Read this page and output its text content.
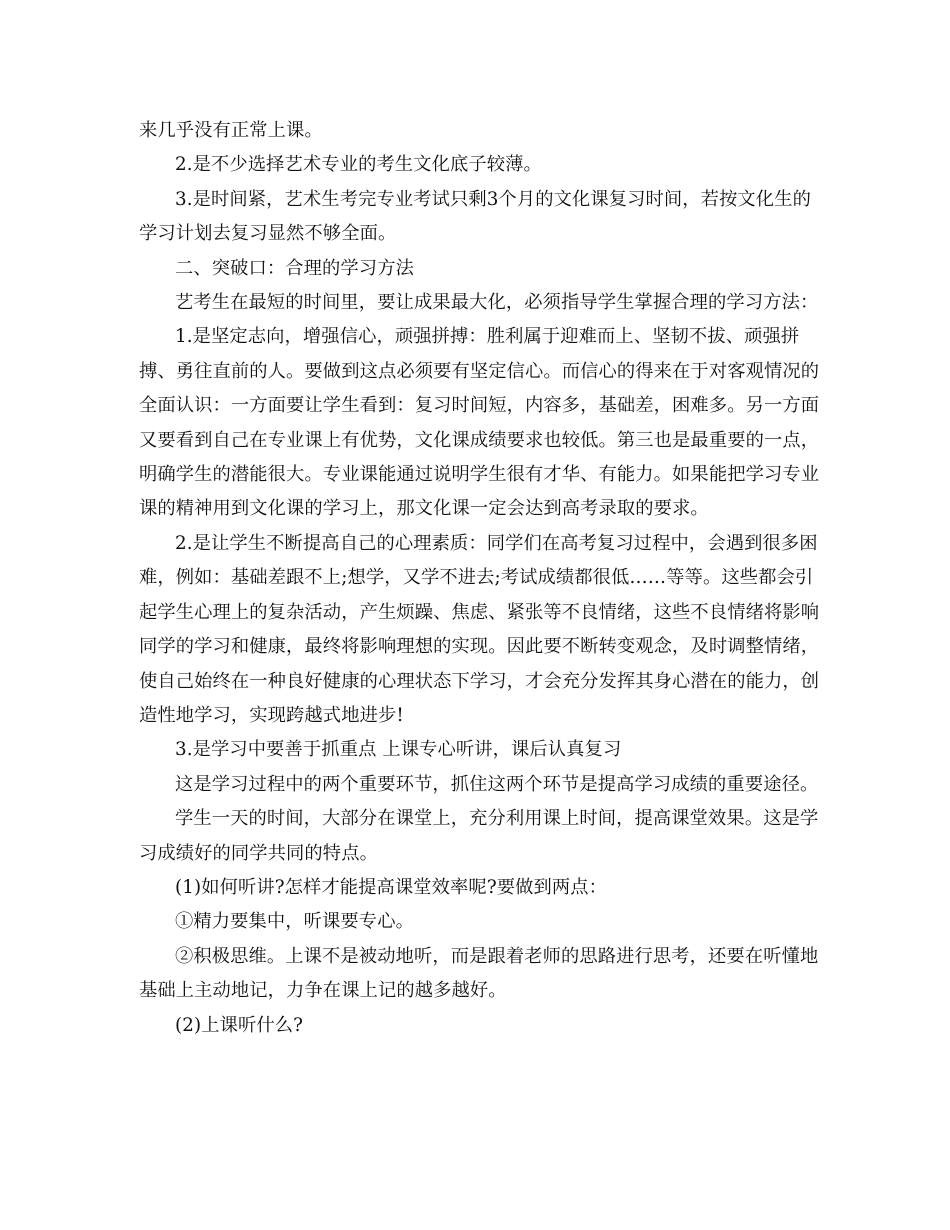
来几乎没有正常上课。

2.是不少选择艺术专业的考生文化底子较薄。

3.是时间紧，艺术生考完专业考试只剩3个月的文化课复习时间，若按文化生的学习计划去复习显然不够全面。

二、突破口：合理的学习方法

艺考生在最短的时间里，要让成果最大化，必须指导学生掌握合理的学习方法：

1.是坚定志向，增强信心，顽强拼搏：胜利属于迎难而上、坚韧不拔、顽强拼搏、勇往直前的人。要做到这点必须要有坚定信心。而信心的得来在于对客观情况的全面认识：一方面要让学生看到：复习时间短，内容多，基础差，困难多。另一方面又要看到自己在专业课上有优势，文化课成绩要求也较低。第三也是最重要的一点，明确学生的潜能很大。专业课能通过说明学生很有才华、有能力。如果能把学习专业课的精神用到文化课的学习上，那文化课一定会达到高考录取的要求。

2.是让学生不断提高自己的心理素质：同学们在高考复习过程中，会遇到很多困难，例如：基础差跟不上;想学，又学不进去;考试成绩都很低……等等。这些都会引起学生心理上的复杂活动，产生烦躁、焦虑、紧张等不良情绪，这些不良情绪将影响同学的学习和健康，最终将影响理想的实现。因此要不断转变观念，及时调整情绪，使自己始终在一种良好健康的心理状态下学习，才会充分发挥其身心潜在的能力，创造性地学习，实现跨越式地进步!

3.是学习中要善于抓重点 上课专心听讲，课后认真复习

这是学习过程中的两个重要环节，抓住这两个环节是提高学习成绩的重要途径。

学生一天的时间，大部分在课堂上，充分利用课上时间，提高课堂效果。这是学习成绩好的同学共同的特点。

(1)如何听讲?怎样才能提高课堂效率呢?要做到两点：

①精力要集中，听课要专心。

②积极思维。上课不是被动地听，而是跟着老师的思路进行思考，还要在听懂地基础上主动地记，力争在课上记的越多越好。

(2)上课听什么?
